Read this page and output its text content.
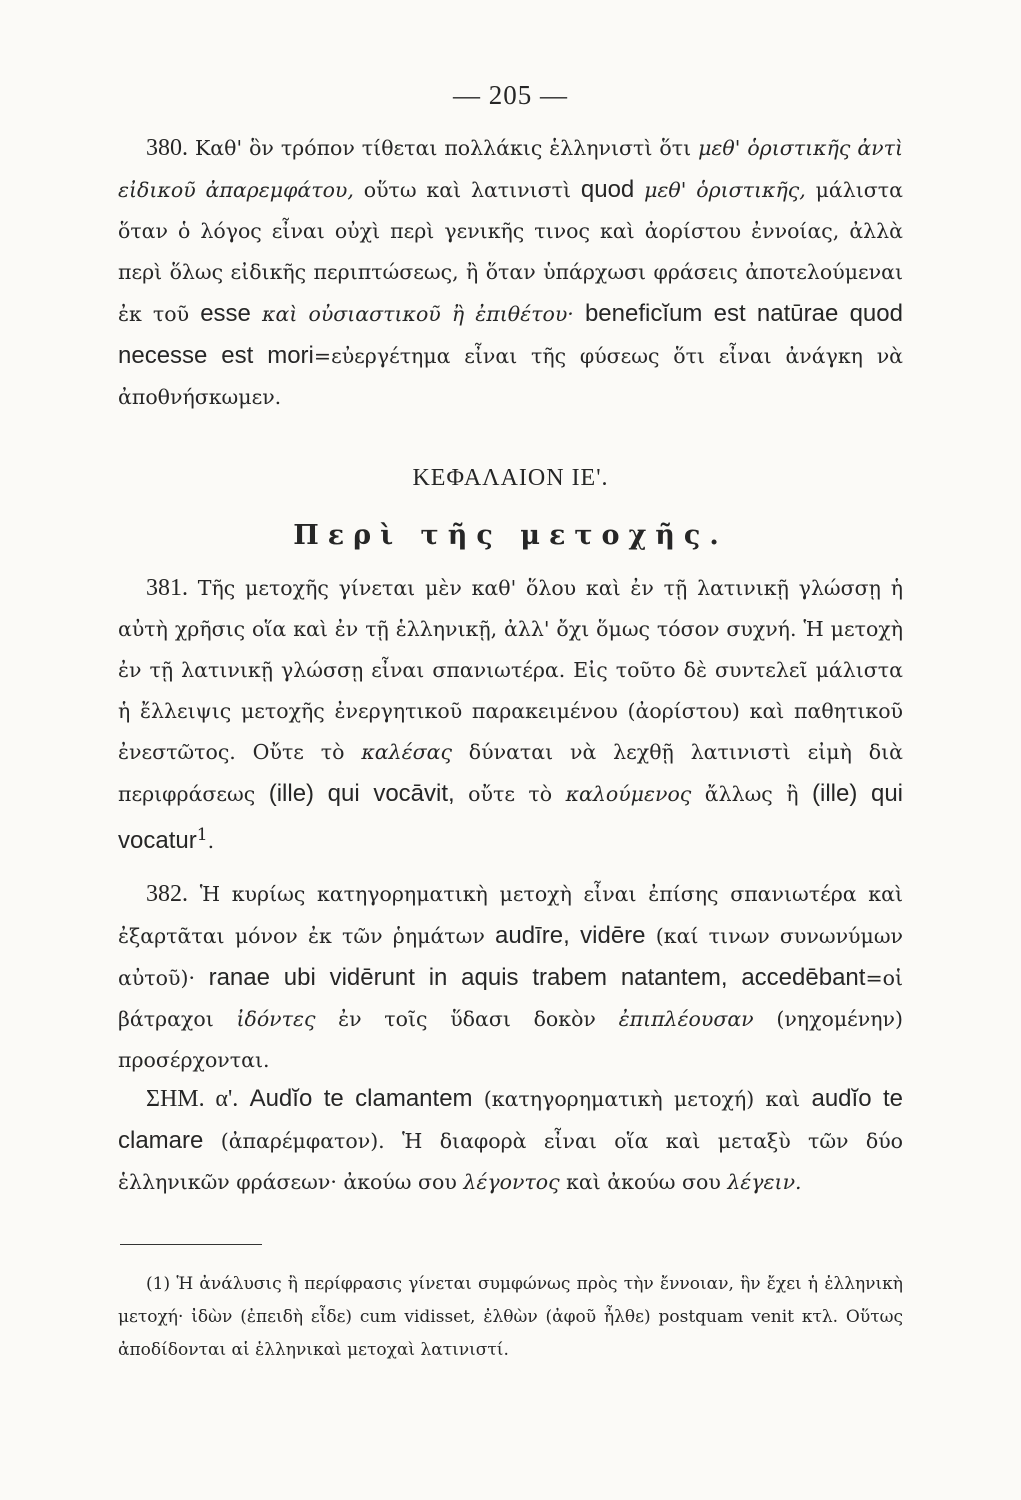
— 205 —
380. Καθ' ὃν τρόπον τίθεται πολλάκις ἑλληνιστὶ ὅτι μεθ' ὁριστικῆς ἀντὶ εἰδικοῦ ἀπαρεμφάτου, οὕτω καὶ λατινιστὶ quod μεθ' ὁριστικῆς, μάλιστα ὅταν ὁ λόγος εἶναι οὐχὶ περὶ γενικῆς τινος καὶ ἀορίστου ἐννοίας, ἀλλὰ περὶ ὅλως εἰδικῆς περιπτώσεως, ἢ ὅταν ὑπάρχωσι φράσεις ἀποτελούμεναι ἐκ τοῦ esse καὶ οὐσιαστικοῦ ἢ ἐπιθέτου· beneficĭum est natūrae quod necesse est mori=εὐεργέτημα εἶναι τῆς φύσεως ὅτι εἶναι ἀνάγκη νὰ ἀποθνήσκωμεν.
ΚΕΦΑΛΑΙΟΝ ΙΕ'.
Περὶ τῆς μετοχῆς.
381. Τῆς μετοχῆς γίνεται μὲν καθ' ὅλου καὶ ἐν τῇ λατινικῇ γλώσσῃ ἡ αὐτὴ χρῆσις οἵα καὶ ἐν τῇ ἑλληνικῇ, ἀλλ' ὄχι ὅμως τόσον συχνή. Ἡ μετοχὴ ἐν τῇ λατινικῇ γλώσσῃ εἶναι σπανιωτέρα. Εἰς τοῦτο δὲ συντελεῖ μάλιστα ἡ ἔλλειψις μετοχῆς ἐνεργητικοῦ παρακειμένου (ἀορίστου) καὶ παθητικοῦ ἐνεστῶτος. Οὔτε τὸ καλέσας δύναται νὰ λεχθῇ λατινιστὶ εἰμὴ διὰ περιφράσεως (ille) qui vocāvit, οὔτε τὸ καλούμενος ἄλλως ἢ (ille) qui vocatur$^1$.
382. Ἡ κυρίως κατηγορηματικὴ μετοχὴ εἶναι ἐπίσης σπανιωτέρα καὶ ἐξαρτᾶται μόνον ἐκ τῶν ῥημάτων audīre, vidēre (καί τινων συνωνύμων αὐτοῦ)· ranae ubi vidērunt in aquis trabem natantem, accedēbant=οἱ βάτραχοι ἰδόντες ἐν τοῖς ὕδασι δοκὸν ἐπιπλέουσαν (νηχομένην) προσέρχονται.
ΣΗΜ. α'. Audĭo te clamantem (κατηγορηματικὴ μετοχή) καὶ audĭo te clamare (ἀπαρέμφατον). Ἡ διαφορὰ εἶναι οἵα καὶ μεταξὺ τῶν δύο ἑλληνικῶν φράσεων· ἀκούω σου λέγοντος καὶ ἀκούω σου λέγειν.
(1) Ἡ ἀνάλυσις ἢ περίφρασις γίνεται συμφώνως πρὸς τὴν ἔννοιαν, ἣν ἔχει ἡ ἑλληνικὴ μετοχή· ἰδὼν (ἐπειδὴ εἶδε) cum vidisset, ἐλθὼν (ἀφοῦ ἦλθε) postquam venit κτλ. Οὕτως ἀποδίδονται αἱ ἑλληνικαὶ μετοχαὶ λατινιστί.
